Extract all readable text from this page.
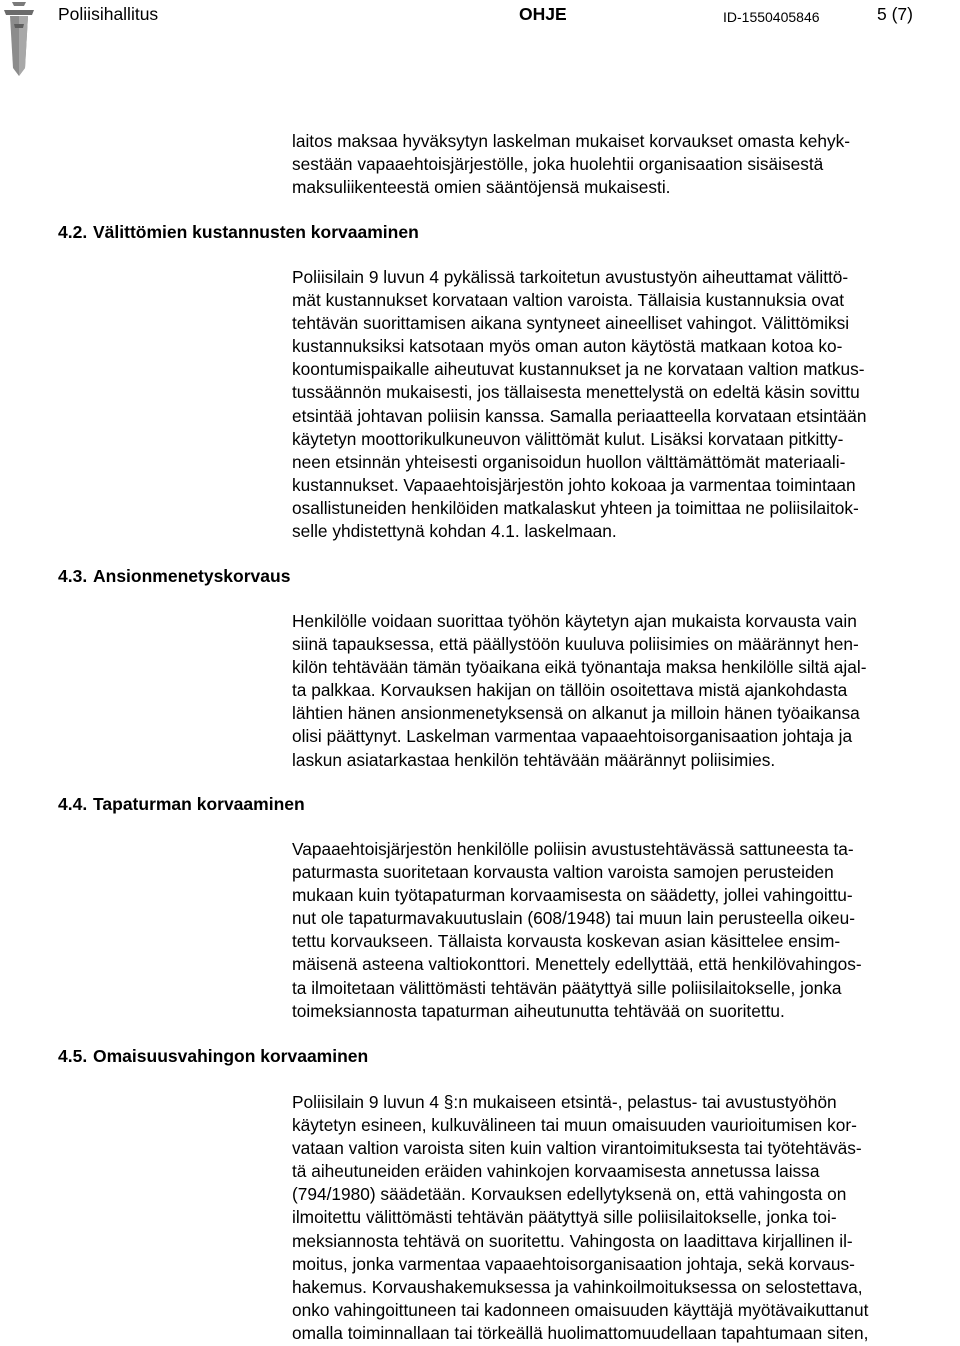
Poliisihallitus	OHJE	ID-1550405846	5 (7)
4.2. Välittömien kustannusten korvaaminen
4.3. Ansionmenetyskorvaus
4.4. Tapaturman korvaaminen
4.5. Omaisuusvahingon korvaaminen
laitos maksaa hyväksytyn laskelman mukaiset korvaukset omasta kehyk-
sestään vapaaehtoisjärjestölle, joka huolehtii organisaation sisäisestä
maksuliikenteestä omien sääntöjensä mukaisesti.
Poliisilain 9 luvun 4 pykälissä tarkoitetun avustustyön aiheuttamat välittö-
mät kustannukset korvataan valtion varoista. Tällaisia kustannuksia ovat
tehtävän suorittamisen aikana syntyneet aineelliset vahingot. Välittömiksi
kustannuksiksi katsotaan myös oman auton käytöstä matkaan kotoa ko-
koontumispaikalle aiheutuvat kustannukset ja ne korvataan valtion matkus-
tussäännön mukaisesti, jos tällaisesta menettelystä on edeltä käsin sovittu
etsintää johtavan poliisin kanssa. Samalla periaatteella korvataan etsintään
käytetyn moottorikulkuneuvon välittömät kulut. Lisäksi korvataan pitkitty-
neen etsinnän yhteisesti organisoidun huollon välttämättömät materiaali-
kustannukset. Vapaaehtoisjärjestön johto kokoaa ja varmentaa toimintaan
osallistuneiden henkilöiden matkalaskut yhteen ja toimittaa ne poliisilaitok-
selle yhdistettynä kohdan 4.1. laskelmaan.
Henkilölle voidaan suorittaa työhön käytetyn ajan mukaista korvausta vain
siinä tapauksessa, että päällystöön kuuluva poliisimies on määrännyt hen-
kilön tehtävään tämän työaikana eikä työnantaja maksa henkilölle siltä ajal-
ta palkkaa. Korvauksen hakijan on tällöin osoitettava mistä ajankohdasta
lähtien hänen ansionmenetyksensä on alkanut ja milloin hänen työaikansa
olisi päättynyt. Laskelman varmentaa vapaaehtoisorganisaation johtaja ja
laskun asiatarkastaa henkilön tehtävään määrännyt poliisimies.
Vapaaehtoisjärjestön henkilölle poliisin avustustehtävässä sattuneesta ta-
paturmasta suoritetaan korvausta valtion varoista samojen perusteiden
mukaan kuin työtapaturman korvaamisesta on säädetty, jollei vahingoittu-
nut ole tapaturmavakuutuslain (608/1948) tai muun lain perusteella oikeu-
tettu korvaukseen. Tällaista korvausta koskevan asian käsittelee ensim-
mäisenä asteena valtiokonttori. Menettely edellyttää, että henkilövahingos-
ta ilmoitetaan välittömästi tehtävän päätyttyä sille poliisilaitokselle, jonka
toimeksiannosta tapaturman aiheutunutta tehtävää on suoritettu.
Poliisilain 9 luvun 4 §:n mukaiseen etsintä-, pelastus- tai avustustyöhön
käytetyn esineen, kulkuvälineen tai muun omaisuuden vaurioitumisen kor-
vataan valtion varoista siten kuin valtion virantoimituksesta tai työtehtäväs-
tä aiheutuneiden eräiden vahinkojen korvaamisesta annetussa laissa
(794/1980) säädetään. Korvauksen edellytyksenä on, että vahingosta on
ilmoitettu välittömästi tehtävän päätyttyä sille poliisilaitokselle, jonka toi-
meksiannosta tehtävä on suoritettu. Vahingosta on laadittava kirjallinen il-
moitus, jonka varmentaa vapaaehtoisorganisaation johtaja, sekä korvaus-
hakemus. Korvaushakemuksessa ja vahinkoilmoituksessa on selostettava,
onko vahingoittuneen tai kadonneen omaisuuden käyttäjä myötävaikuttanut
omalla toiminnallaan tai törkeällä huolimattomuudellaan tapahtumaan siten,
